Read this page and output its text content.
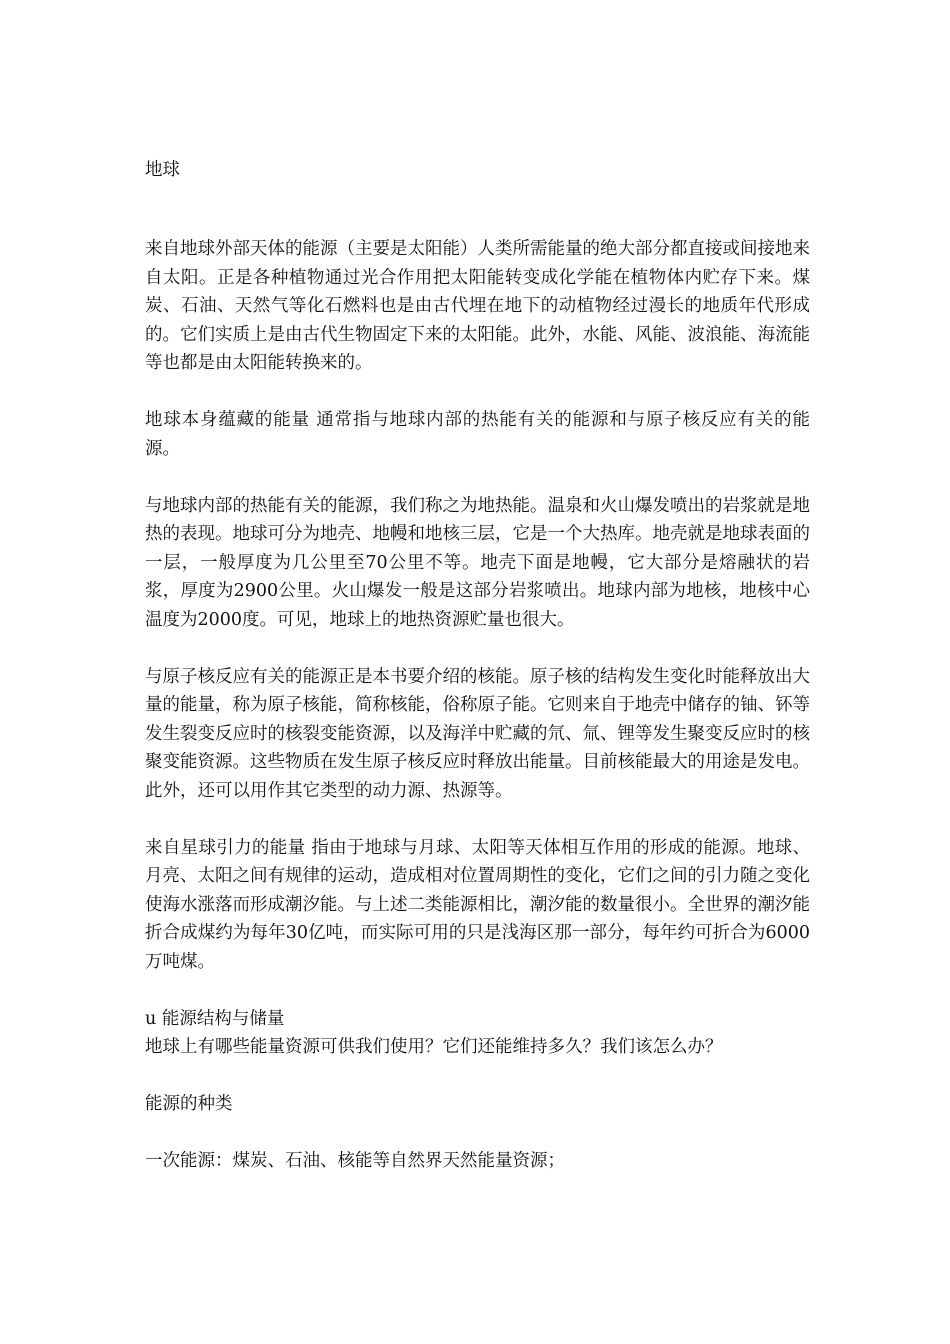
地球

来自地球外部天体的能源（主要是太阳能）人类所需能量的绝大部分都直接或间接地来自太阳。正是各种植物通过光合作用把太阳能转变成化学能在植物体内贮存下来。煤炭、石油、天然气等化石燃料也是由古代埋在地下的动植物经过漫长的地质年代形成的。它们实质上是由古代生物固定下来的太阳能。此外，水能、风能、波浪能、海流能等也都是由太阳能转换来的。

地球本身蕴藏的能量 通常指与地球内部的热能有关的能源和与原子核反应有关的能源。

与地球内部的热能有关的能源，我们称之为地热能。温泉和火山爆发喷出的岩浆就是地热的表现。地球可分为地壳、地幔和地核三层，它是一个大热库。地壳就是地球表面的一层，一般厚度为几公里至70公里不等。地壳下面是地幔，它大部分是熔融状的岩浆，厚度为2900公里。火山爆发一般是这部分岩浆喷出。地球内部为地核，地核中心温度为2000度。可见，地球上的地热资源贮量也很大。

与原子核反应有关的能源正是本书要介绍的核能。原子核的结构发生变化时能释放出大量的能量，称为原子核能，简称核能，俗称原子能。它则来自于地壳中储存的铀、钚等发生裂变反应时的核裂变能资源，以及海洋中贮藏的氘、氚、锂等发生聚变反应时的核聚变能资源。这些物质在发生原子核反应时释放出能量。目前核能最大的用途是发电。此外，还可以用作其它类型的动力源、热源等。

来自星球引力的能量 指由于地球与月球、太阳等天体相互作用的形成的能源。地球、月亮、太阳之间有规律的运动，造成相对位置周期性的变化，它们之间的引力随之变化使海水涨落而形成潮汐能。与上述二类能源相比，潮汐能的数量很小。全世界的潮汐能折合成煤约为每年30亿吨，而实际可用的只是浅海区那一部分，每年约可折合为6000万吨煤。

u 能源结构与储量

地球上有哪些能量资源可供我们使用？它们还能维持多久？我们该怎么办？

能源的种类

一次能源：煤炭、石油、核能等自然界天然能量资源；
